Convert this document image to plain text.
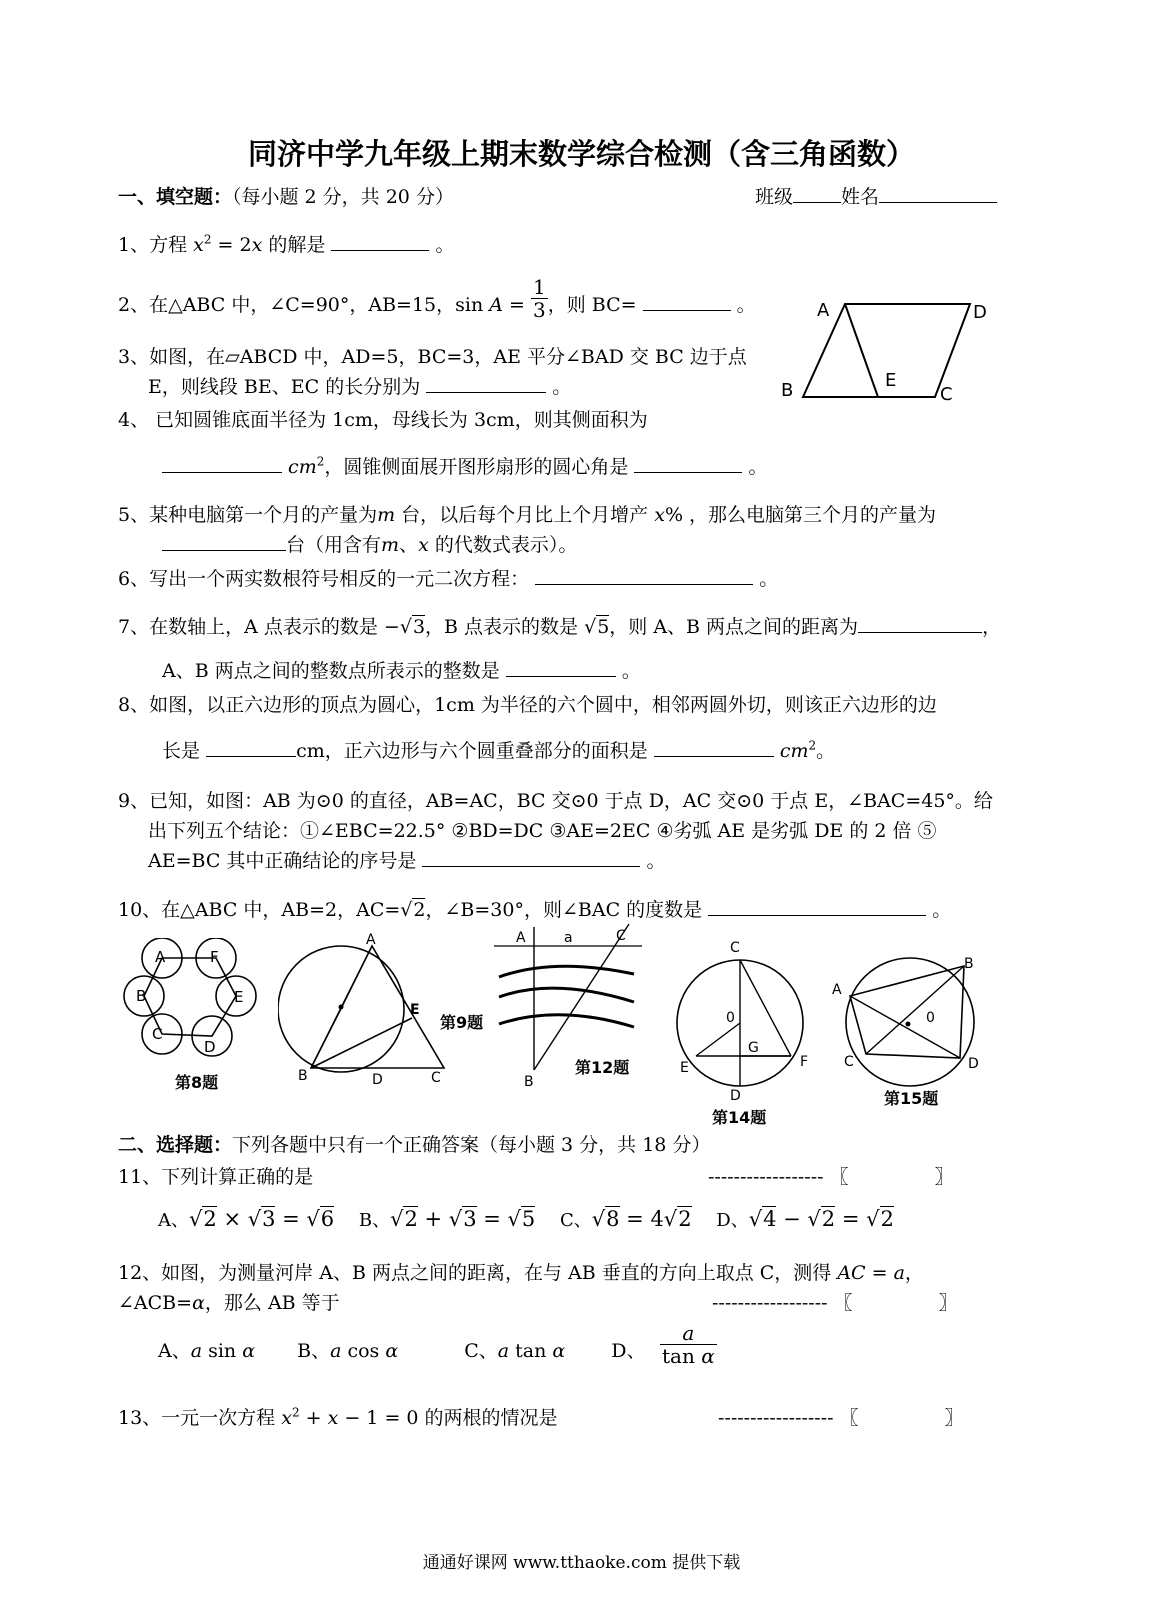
同济中学九年级上期末数学综合检测（含三角函数）
一、填空题：（每小题 2 分，共 20 分）	班级	姓名
1、方程 $x^2 = 2x$ 的解是	。
2、在△ABC 中，∠C=90°，AB=15，$\sin A = \frac{1}{3}$ ，则 BC=	。	A	D
B	E
C
3、如图，在▱ABCD 中，AD=5，BC=3，AE 平分∠BAD 交 BC 边于点
E，则线段 BE、EC 的长分别为	。
4、 已知圆锥底面半径为 1cm，母线长为 3cm，则其侧面积为
$cm^2$，圆锥侧面展开图形扇形的圆心角是	。
5、某种电脑第一个月的产量为m 台，以后每个月比上个月增产 x% ，那么电脑第三个月的产量为
台（用含有m、x 的代数式表示）。
6、写出一个两实数根符号相反的一元二次方程：	。
7、在数轴上，A 点表示的数是 −√3，B 点表示的数是 √5，则 A、B 两点之间的距离为	，
A、B 两点之间的整数点所表示的整数是	。
8、如图，以正六边形的顶点为圆心，1cm 为半径的六个圆中，相邻两圆外切，则该正六边形的边
长是	cm，正六边形与六个圆重叠部分的面积是	$cm^2$。
9、已知，如图：AB 为⊙0 的直径，AB=AC，BC 交⊙0 于点 D，AC 交⊙0 于点 E，∠BAC=45°。给
出下列五个结论：①∠EBC=22.5° ②BD=DC ③AE=2EC ④劣弧 AE 是劣弧 DE 的 2 倍 ⑤
AE=BC 其中正确结论的序号是	。
10、在△ABC 中，AB=2，AC=√2，∠B=30°，则∠BAC 的度数是	。
A	F
B	E
C
D
第8题
A
B	D	C
E
第9题
A	a	C
B
第12题
C
0
G
E	F
D
第14题
A
B
0
C	D
第15题
二、选择题：下列各题中只有一个正确答案（每小题 3 分，共 18 分）
11、下列计算正确的是	------------------ 〖	〗
A、√2 × √3 = √6 B、√2 + √3 = √5 C、√8 = 4√2 D、√4 − √2 = √2
12、如图，为测量河岸 A、B 两点之间的距离，在与 AB 垂直的方向上取点 C，测得 AC = a，
∠ACB=α，那么 AB 等于	------------------ 〖	〗
A、a sin α B、a cos α	C、a tan α D、 $\frac{a}{\text{tan α}}$
13、一元一次方程 $x^2 + x - 1 = 0$ 的两根的情况是	------------------ 〖	〗
通通好课网 www.tthaoke.com 提供下载
